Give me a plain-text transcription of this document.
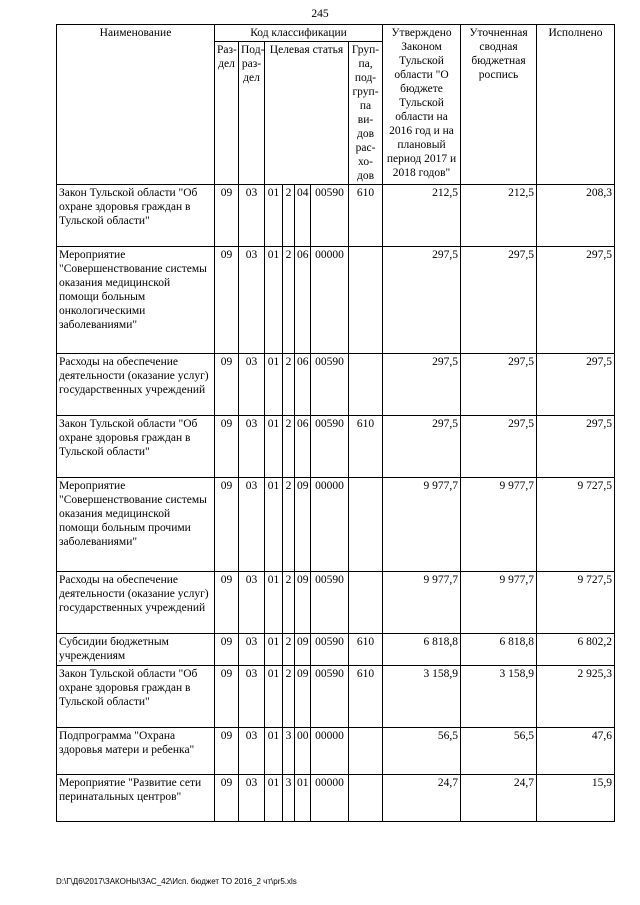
245
Наименование	Код классификации							Утверждено Законом Тульской области "О бюджете Тульской области на 2016 год и на плановый период 2017 и 2018 годов"	Уточненная сводная бюджетная роспись	Исполнено
	Раз-дел	Под-раз-дел	Целевая статья				Груп-па, под-груп-па ви-дов рас-хо-дов			
Закон Тульской области "Об охране здоровья граждан в Тульской области"	09	03	01	2	04	00590	610	212,5	212,5	208,3
Мероприятие "Совершенствование системы оказания медицинской помощи больным онкологическими заболеваниями"	09	03	01	2	06	00000		297,5	297,5	297,5
Расходы на обеспечение деятельности (оказание услуг) государственных учреждений	09	03	01	2	06	00590		297,5	297,5	297,5
Закон Тульской области "Об охране здоровья граждан в Тульской области"	09	03	01	2	06	00590	610	297,5	297,5	297,5
Мероприятие "Совершенствование системы оказания медицинской помощи больным прочими заболеваниями"	09	03	01	2	09	00000		9 977,7	9 977,7	9 727,5
Расходы на обеспечение деятельности (оказание услуг) государственных учреждений	09	03	01	2	09	00590		9 977,7	9 977,7	9 727,5
Субсидии бюджетным учреждениям	09	03	01	2	09	00590	610	6 818,8	6 818,8	6 802,2
Закон Тульской области "Об охране здоровья граждан в Тульской области"	09	03	01	2	09	00590	610	3 158,9	3 158,9	2 925,3
Подпрограмма "Охрана здоровья матери и ребенка"	09	03	01	3	00	00000		56,5	56,5	47,6
Мероприятие "Развитие сети перинатальных центров"	09	03	01	3	01	00000		24,7	24,7	15,9
D:\Г\Д6\2017\ЗАКОНЫ\ЗАС_42\Исп. бюджет ТО 2016_2 чт\pr5.xls
